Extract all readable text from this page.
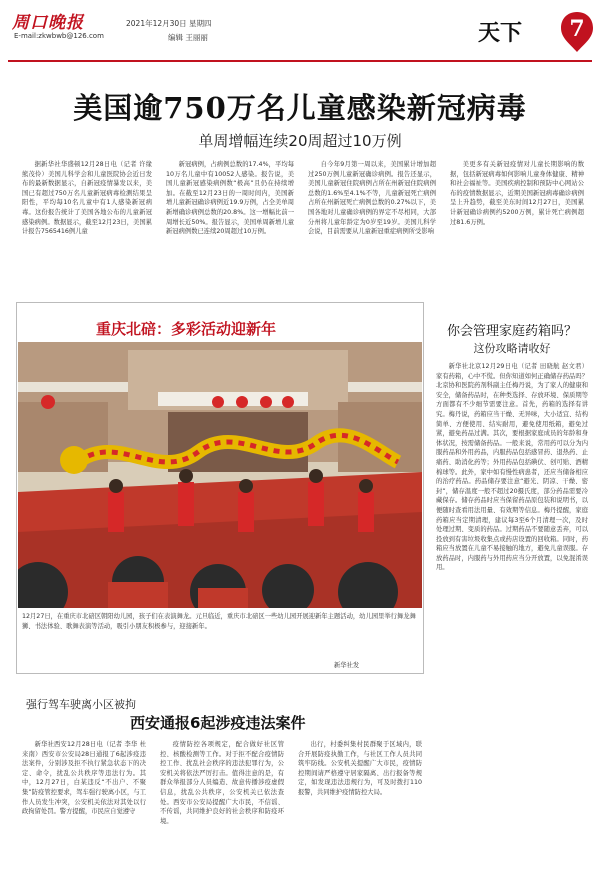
周口晚报
E-mail:zkwbwb@126.com
2021年12月30日 星期四
编辑 王丽丽	天下	7
美国逾750万名儿童感染新冠病毒
单周增幅连续20周超过10万例

据新华社华盛顿12月28日电（记者 许缘 熊茂伶）美国儿科学会和儿童医院协会近日发布的最新数据显示，自新冠疫情暴发以来，美国已有超过750万名儿童新冠病毒检测结果呈阳性，平均每10名儿童中有1人感染新冠病毒。这份报告统计了美国各地公布的儿童新冠感染病例。数据显示，截至12月23日，美国累计报告7565416例儿童

新冠病例，占病例总数的17.4%，平均每10万名儿童中有10052人感染。报告说，美国儿童新冠感染病例数“极高”且仍在持续增加。在截至12月23日的一周时间内，美国新增儿童新冠确诊病例近19.9万例，占全美单周新增确诊病例总数的20.8%。这一增幅比前一周增长近50%。报告显示，美国单周新增儿童新冠病例数已连续20周超过10万例。

自今年9月第一周以来，美国累计增加超过250万例儿童新冠确诊病例。报告还显示，美国儿童新冠住院病例占所在州新冠住院病例总数的1.6%至4.1%不等，儿童新冠死亡病例占所在州新冠死亡病例总数的0.27%以下，美国各地对儿童确诊病例的界定不尽相同，大部分州将儿童年龄定为0岁至19岁。美国儿科学会说，目前需要从儿童新冠重症病例所受影响

美更多有关新冠疫情对儿童长期影响的数据，包括新冠病毒如何影响儿童身体健康、精神和社会福祉等。美国疾病控制和预防中心网站公布的疫情数据显示，近期美国新冠病毒确诊病例呈上升趋势，截至美东时间12月27日，美国累计新冠确诊病例约5200万例，累计死亡病例超过81.6万例。

重庆北碚：多彩活动迎新年
12月27日，在重庆市北碚区朝阳幼儿园，孩子们在表演舞龙。元旦临近，重庆市北碚区一些幼儿园开展迎新年主题活动，幼儿园里举行舞龙舞狮、书法体验、歌舞表演等活动，吸引小朋友积极参与，迎接新年。
新华社发
你会管理家庭药箱吗？
这份攻略请收好

新华社北京12月29日电（记者 田晓航 赵文君）家有药箱，心中不慌。但你知道如何正确储存药品吗？北京协和医院药剂科副主任梅丹说，为了家人的健康和安全，储备药品时，在种类选择、存放环境、保质期等方面都有不少细节需要注意。首先，药箱的选择有讲究。梅丹说，药箱应当干燥、无异味，大小适宜、结构简单、方便使用、结实耐用，避免使用纸箱，避免过紧，避免药品过满。其次，要根据家庭成员的年龄和身体状况，按需储备药品。一般来说，常用药可以分为内服药品和外用药品，内服药品包括感冒药、退热药、止痛药、助消化药等；外用药品包括碘伏、创可贴、酒精棉球等。此外，家中如有慢性病患者，还应当储备相应的治疗药品。药品储存要注意“避光、阴凉、干燥、密封”，储存温度一般不超过20摄氏度，部分药品需要冷藏保存。储存药品时应当保留药品原包装和说明书，以便随时查看用法用量、有效期等信息。梅丹提醒，家庭药箱应当定期清理，建议每3至6个月清理一次，及时处理过期、变质的药品。过期药品不要随意丢弃，可以投放到有害垃圾收集点或药店设置的回收箱。同时，药箱应当放置在儿童不易接触的地方，避免儿童误服。存放药品时，内服药与外用药应当分开放置，以免混淆误用。

强行驾车驶离小区被拘
西安通报6起涉疫违法案件

新华社西安12月28日电（记者 李华 杜来南）西安市公安局28日通报了6起涉疫违法案件，分别涉及拒不执行紧急状态下的决定、命令，扰乱公共秩序等违法行为。其中，12月27日，白某违反“不出户、不聚集”防疫管控要求，驾车强行驶离小区，与工作人员发生冲突，公安机关依法对其处以行政拘留处罚。警方提醒，市民应自觉遵守

疫情防控各项规定，配合做好社区管控、核酸检测等工作。对于拒不配合疫情防控工作、扰乱社会秩序的违法犯罪行为，公安机关将依法严厉打击。值得注意的是，有群众举报部分人员编造、故意传播涉疫虚假信息，扰乱公共秩序，公安机关已依法查处。西安市公安局提醒广大市民，不信谣、不传谣，共同维护良好的社会秩序和防疫环境。

出行，村委纠集村民群聚于区域内，联合开展防疫执勤工作，与社区工作人员共同筑牢防线。公安机关提醒广大市民，疫情防控期间请严格遵守居家隔离、出行报备等规定，如发现违法违规行为，可及时拨打110报警，共同维护疫情防控大局。
